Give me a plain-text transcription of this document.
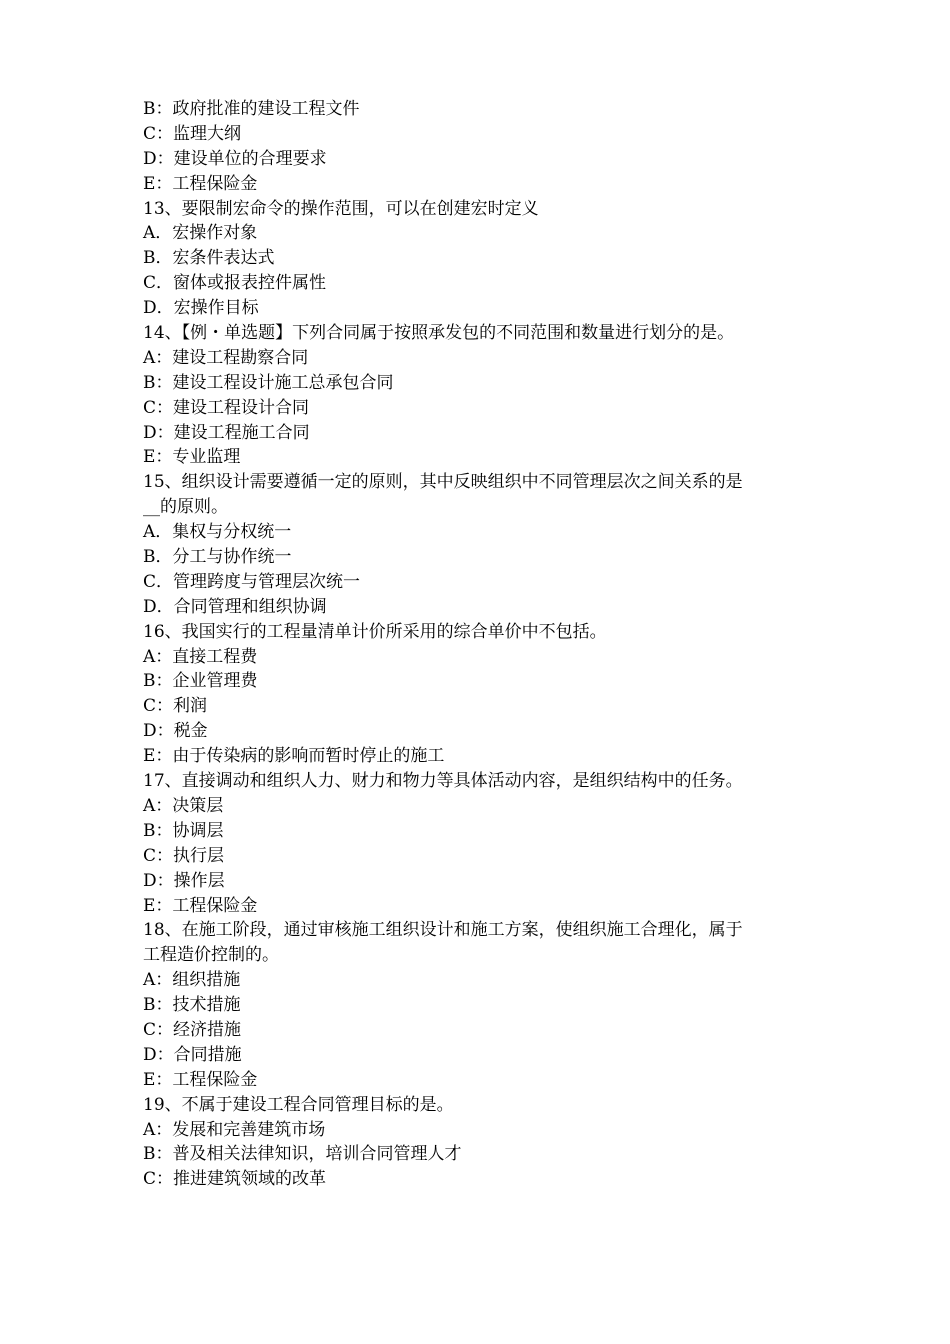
B：政府批准的建设工程文件
C：监理大纲
D：建设单位的合理要求
E：工程保险金
13、要限制宏命令的操作范围，可以在创建宏时定义
A．宏操作对象
B．宏条件表达式
C．窗体或报表控件属性
D．宏操作目标
14、【例・单选题】下列合同属于按照承发包的不同范围和数量进行划分的是。
A：建设工程勘察合同
B：建设工程设计施工总承包合同
C：建设工程设计合同
D：建设工程施工合同
E：专业监理
15、组织设计需要遵循一定的原则，其中反映组织中不同管理层次之间关系的是
__的原则。
A．集权与分权统一
B．分工与协作统一
C．管理跨度与管理层次统一
D．合同管理和组织协调
16、我国实行的工程量清单计价所采用的综合单价中不包括。
A：直接工程费
B：企业管理费
C：利润
D：税金
E：由于传染病的影响而暂时停止的施工
17、直接调动和组织人力、财力和物力等具体活动内容，是组织结构中的任务。
A：决策层
B：协调层
C：执行层
D：操作层
E：工程保险金
18、在施工阶段，通过审核施工组织设计和施工方案，使组织施工合理化，属于
工程造价控制的。
A：组织措施
B：技术措施
C：经济措施
D：合同措施
E：工程保险金
19、不属于建设工程合同管理目标的是。
A：发展和完善建筑市场
B：普及相关法律知识，培训合同管理人才
C：推进建筑领域的改革
